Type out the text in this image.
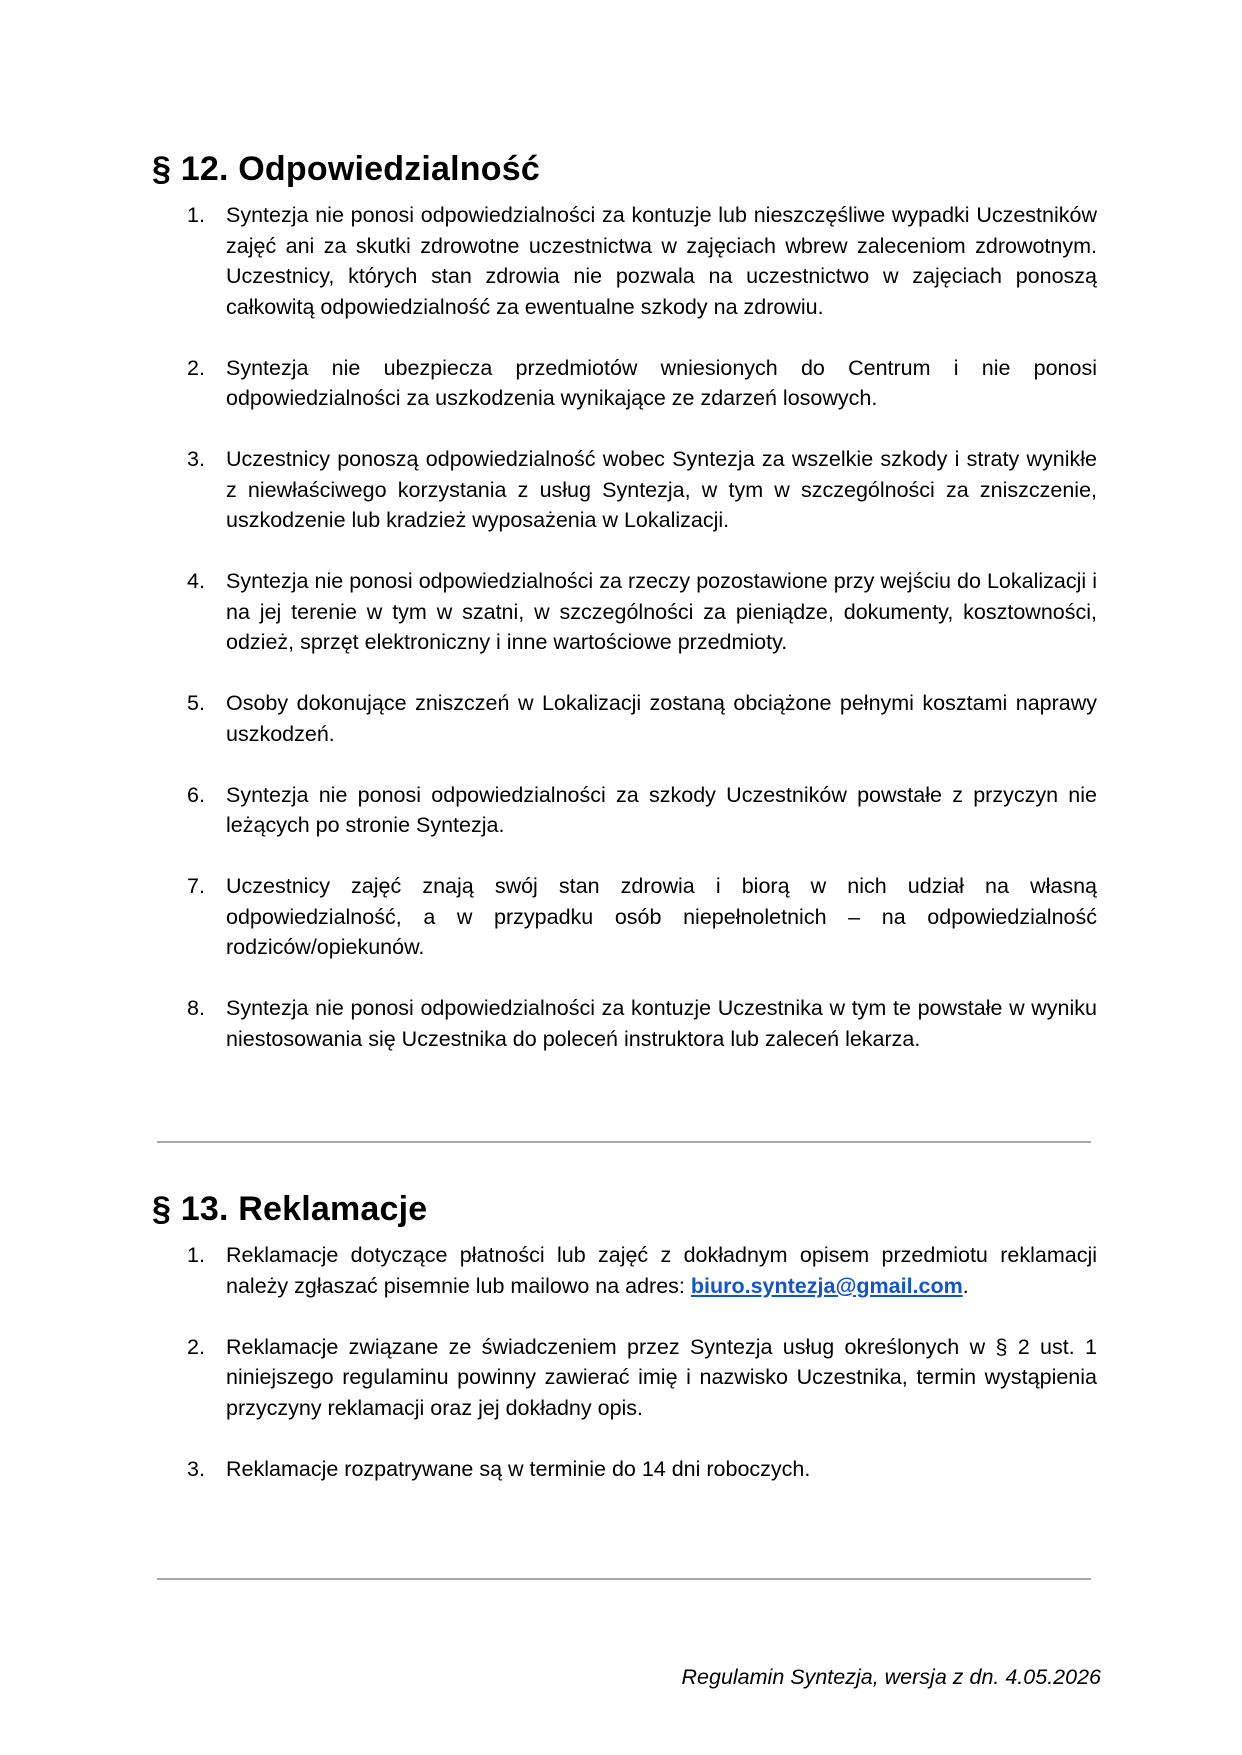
§ 12. Odpowiedzialność
1. Syntezja nie ponosi odpowiedzialności za kontuzje lub nieszczęśliwe wypadki Uczestników zajęć ani za skutki zdrowotne uczestnictwa w zajęciach wbrew zaleceniom zdrowotnym. Uczestnicy, których stan zdrowia nie pozwala na uczestnictwo w zajęciach ponoszą całkowitą odpowiedzialność za ewentualne szkody na zdrowiu.
2. Syntezja nie ubezpiecza przedmiotów wniesionych do Centrum i nie ponosi odpowiedzialności za uszkodzenia wynikające ze zdarzeń losowych.
3. Uczestnicy ponoszą odpowiedzialność wobec Syntezja za wszelkie szkody i straty wynikłe z niewłaściwego korzystania z usług Syntezja, w tym w szczególności za zniszczenie, uszkodzenie lub kradzież wyposażenia w Lokalizacji.
4. Syntezja nie ponosi odpowiedzialności za rzeczy pozostawione przy wejściu do Lokalizacji i na jej terenie w tym w szatni, w szczególności za pieniądze, dokumenty, kosztowności, odzież, sprzęt elektroniczny i inne wartościowe przedmioty.
5. Osoby dokonujące zniszczeń w Lokalizacji zostaną obciążone pełnymi kosztami naprawy uszkodzeń.
6. Syntezja nie ponosi odpowiedzialności za szkody Uczestników powstałe z przyczyn nie leżących po stronie Syntezja.
7. Uczestnicy zajęć znają swój stan zdrowia i biorą w nich udział na własną odpowiedzialność, a w przypadku osób niepełnoletnich – na odpowiedzialność rodziców/opiekunów.
8. Syntezja nie ponosi odpowiedzialności za kontuzje Uczestnika w tym te powstałe w wyniku niestosowania się Uczestnika do poleceń instruktora lub zaleceń lekarza.
§ 13. Reklamacje
1. Reklamacje dotyczące płatności lub zajęć z dokładnym opisem przedmiotu reklamacji należy zgłaszać pisemnie lub mailowo na adres: biuro.syntezja@gmail.com.
2. Reklamacje związane ze świadczeniem przez Syntezja usług określonych w § 2 ust. 1 niniejszego regulaminu powinny zawierać imię i nazwisko Uczestnika, termin wystąpienia przyczyny reklamacji oraz jej dokładny opis.
3. Reklamacje rozpatrywane są w terminie do 14 dni roboczych.
Regulamin Syntezja, wersja z dn. 4.05.2026
